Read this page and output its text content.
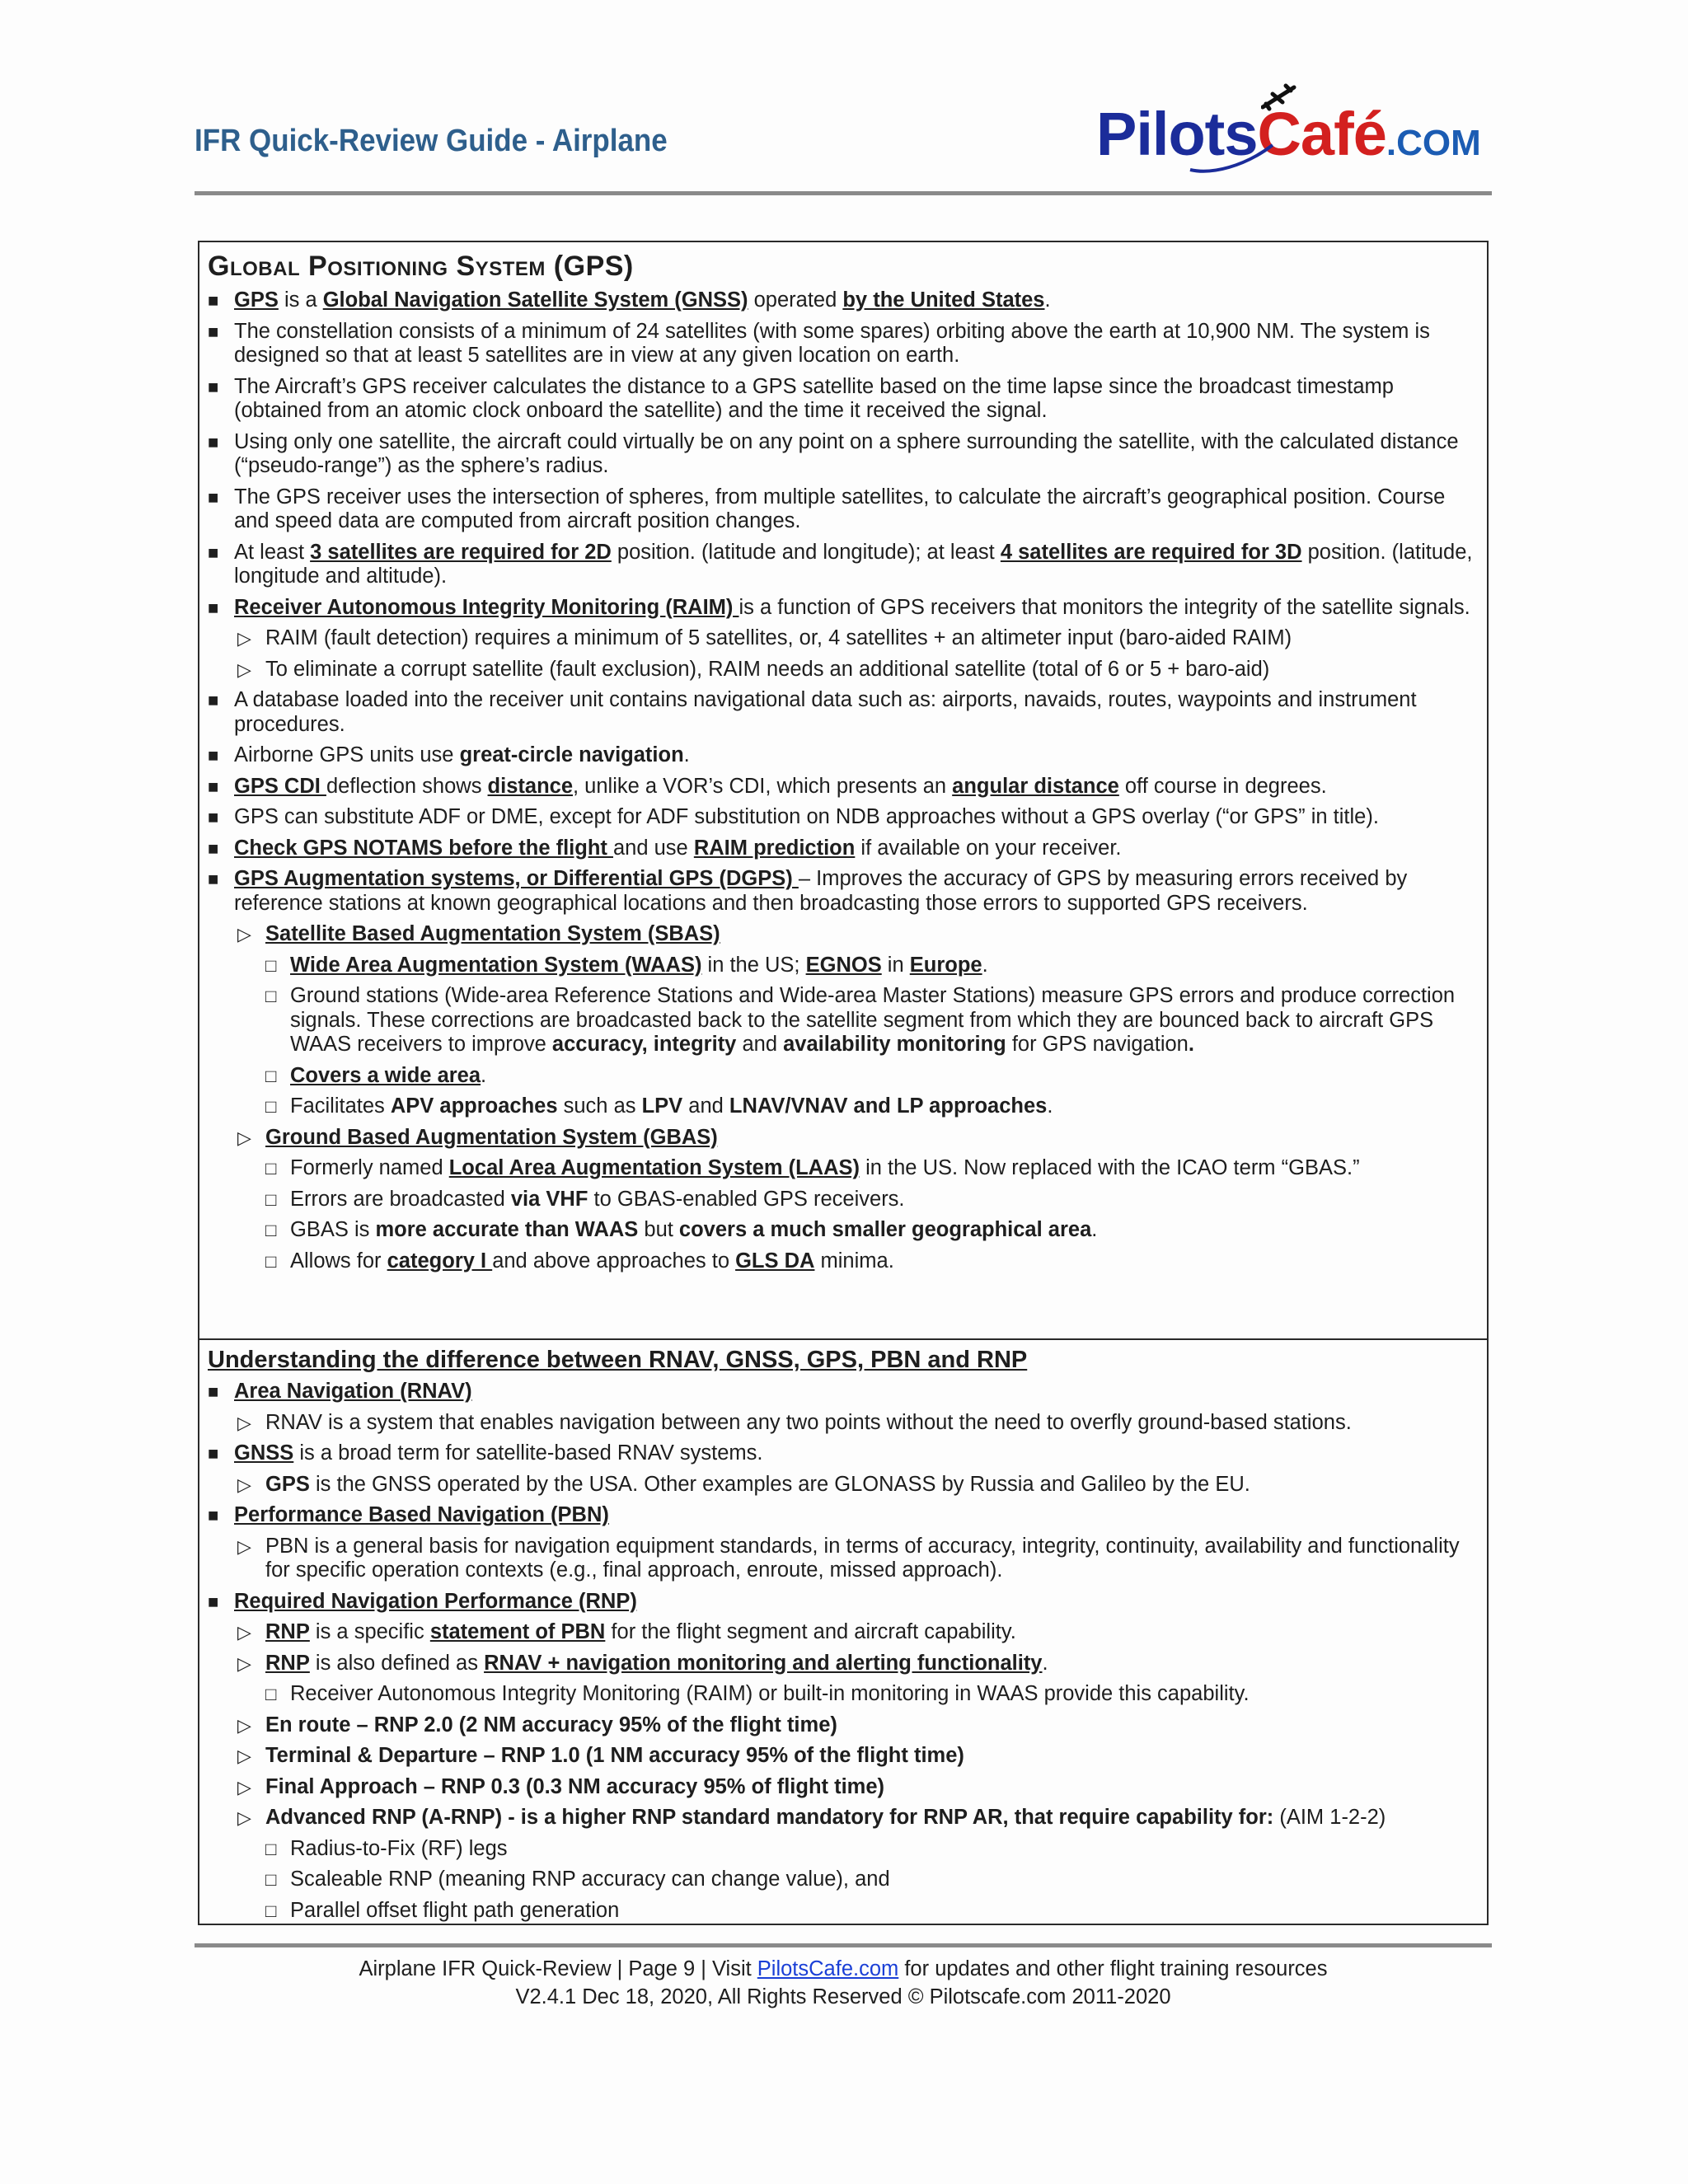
IFR Quick-Review Guide - Airplane	PilotsCafé.COM
Global Positioning System (GPS)
■ GPS is a Global Navigation Satellite System (GNSS) operated by the United States.
■ The constellation consists of a minimum of 24 satellites (with some spares) orbiting above the earth at 10,900 NM. The system is designed so that at least 5 satellites are in view at any given location on earth.
■ The Aircraft’s GPS receiver calculates the distance to a GPS satellite based on the time lapse since the broadcast timestamp (obtained from an atomic clock onboard the satellite) and the time it received the signal.
■ Using only one satellite, the aircraft could virtually be on any point on a sphere surrounding the satellite, with the calculated distance (“pseudo-range”) as the sphere’s radius.
■ The GPS receiver uses the intersection of spheres, from multiple satellites, to calculate the aircraft’s geographical position. Course and speed data are computed from aircraft position changes.
■ At least 3 satellites are required for 2D position. (latitude and longitude); at least 4 satellites are required for 3D position. (latitude, longitude and altitude).
■ Receiver Autonomous Integrity Monitoring (RAIM) is a function of GPS receivers that monitors the integrity of the satellite signals.
▷ RAIM (fault detection) requires a minimum of 5 satellites, or, 4 satellites + an altimeter input (baro-aided RAIM)
▷ To eliminate a corrupt satellite (fault exclusion), RAIM needs an additional satellite (total of 6 or 5 + baro-aid)
■ A database loaded into the receiver unit contains navigational data such as: airports, navaids, routes, waypoints and instrument procedures.
■ Airborne GPS units use great-circle navigation.
■ GPS CDI deflection shows distance, unlike a VOR’s CDI, which presents an angular distance off course in degrees.
■ GPS can substitute ADF or DME, except for ADF substitution on NDB approaches without a GPS overlay (“or GPS” in title).
■ Check GPS NOTAMS before the flight and use RAIM prediction if available on your receiver.
■ GPS Augmentation systems, or Differential GPS (DGPS) – Improves the accuracy of GPS by measuring errors received by reference stations at known geographical locations and then broadcasting those errors to supported GPS receivers.
▷ Satellite Based Augmentation System (SBAS)
□ Wide Area Augmentation System (WAAS) in the US; EGNOS in Europe.
□ Ground stations (Wide-area Reference Stations and Wide-area Master Stations) measure GPS errors and produce correction signals. These corrections are broadcasted back to the satellite segment from which they are bounced back to aircraft GPS WAAS receivers to improve accuracy, integrity and availability monitoring for GPS navigation.
□ Covers a wide area.
□ Facilitates APV approaches such as LPV and LNAV/VNAV and LP approaches.
▷ Ground Based Augmentation System (GBAS)
□ Formerly named Local Area Augmentation System (LAAS) in the US. Now replaced with the ICAO term “GBAS.”
□ Errors are broadcasted via VHF to GBAS-enabled GPS receivers.
□ GBAS is more accurate than WAAS but covers a much smaller geographical area.
□ Allows for category I and above approaches to GLS DA minima.
Understanding the difference between RNAV, GNSS, GPS, PBN and RNP
■ Area Navigation (RNAV)
▷ RNAV is a system that enables navigation between any two points without the need to overfly ground-based stations.
■ GNSS is a broad term for satellite-based RNAV systems.
▷ GPS is the GNSS operated by the USA. Other examples are GLONASS by Russia and Galileo by the EU.
■ Performance Based Navigation (PBN)
▷ PBN is a general basis for navigation equipment standards, in terms of accuracy, integrity, continuity, availability and functionality for specific operation contexts (e.g., final approach, enroute, missed approach).
■ Required Navigation Performance (RNP)
▷ RNP is a specific statement of PBN for the flight segment and aircraft capability.
▷ RNP is also defined as RNAV + navigation monitoring and alerting functionality.
□ Receiver Autonomous Integrity Monitoring (RAIM) or built-in monitoring in WAAS provide this capability.
▷ En route – RNP 2.0 (2 NM accuracy 95% of the flight time)
▷ Terminal & Departure – RNP 1.0 (1 NM accuracy 95% of the flight time)
▷ Final Approach – RNP 0.3 (0.3 NM accuracy 95% of flight time)
▷ Advanced RNP (A-RNP) - is a higher RNP standard mandatory for RNP AR, that require capability for: (AIM 1-2-2)
□ Radius-to-Fix (RF) legs
□ Scaleable RNP (meaning RNP accuracy can change value), and
□ Parallel offset flight path generation
Airplane IFR Quick-Review | Page 9 | Visit PilotsCafe.com for updates and other flight training resources
V2.4.1 Dec 18, 2020, All Rights Reserved © Pilotscafe.com 2011-2020
